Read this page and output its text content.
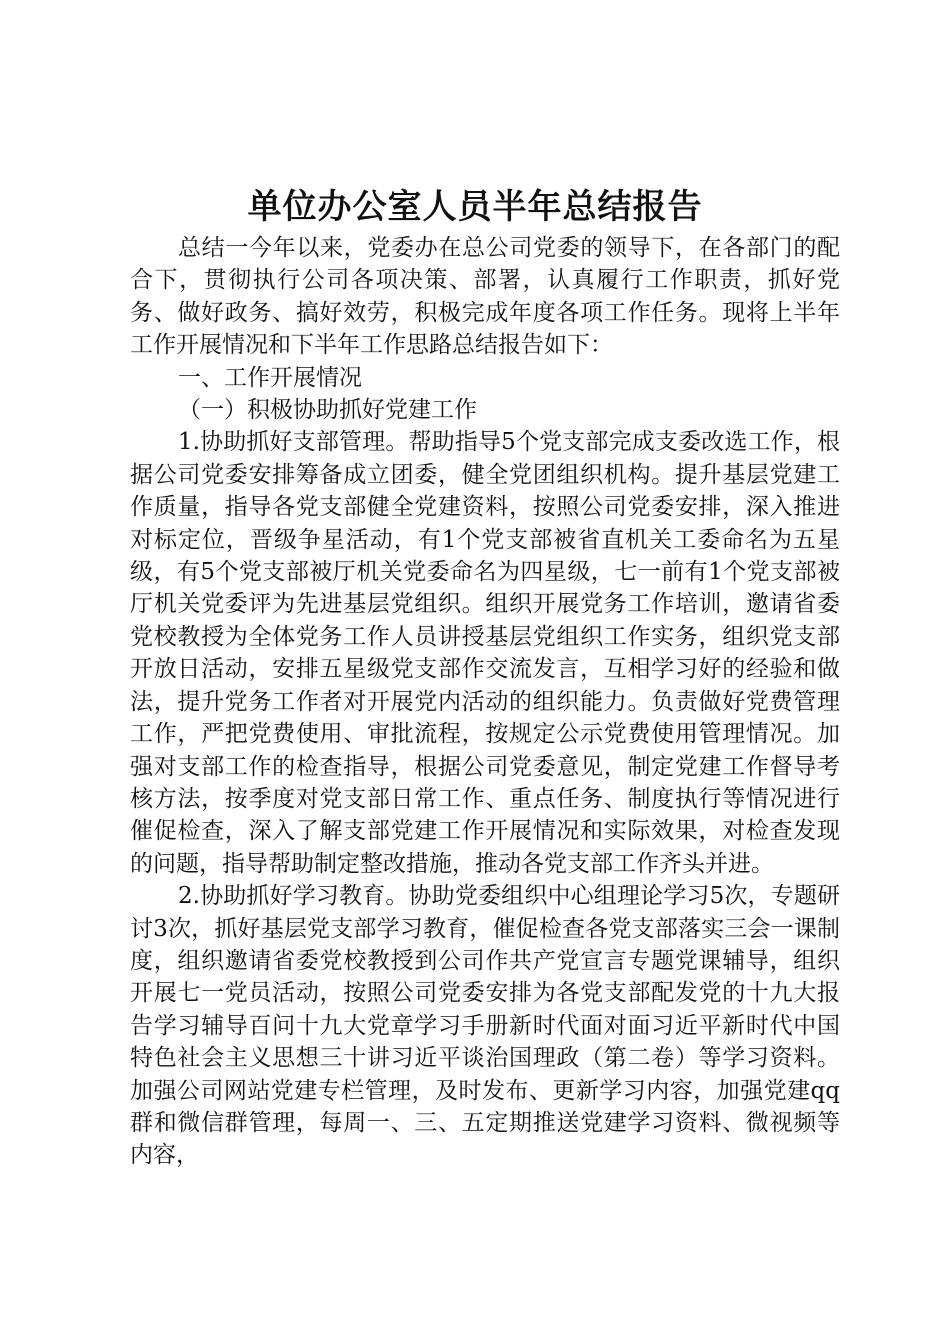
单位办公室人员半年总结报告

总结一今年以来，党委办在总公司党委的领导下，在各部门的配合下，贯彻执行公司各项决策、部署，认真履行工作职责，抓好党务、做好政务、搞好效劳，积极完成年度各项工作任务。现将上半年工作开展情况和下半年工作思路总结报告如下：

一、工作开展情况

（一）积极协助抓好党建工作

1.协助抓好支部管理。帮助指导5个党支部完成支委改选工作，根据公司党委安排筹备成立团委，健全党团组织机构。提升基层党建工作质量，指导各党支部健全党建资料，按照公司党委安排，深入推进对标定位，晋级争星活动，有1个党支部被省直机关工委命名为五星级，有5个党支部被厅机关党委命名为四星级，七一前有1个党支部被厅机关党委评为先进基层党组织。组织开展党务工作培训，邀请省委党校教授为全体党务工作人员讲授基层党组织工作实务，组织党支部开放日活动，安排五星级党支部作交流发言，互相学习好的经验和做法，提升党务工作者对开展党内活动的组织能力。负责做好党费管理工作，严把党费使用、审批流程，按规定公示党费使用管理情况。加强对支部工作的检查指导，根据公司党委意见，制定党建工作督导考核方法，按季度对党支部日常工作、重点任务、制度执行等情况进行催促检查，深入了解支部党建工作开展情况和实际效果，对检查发现的问题，指导帮助制定整改措施，推动各党支部工作齐头并进。

2.协助抓好学习教育。协助党委组织中心组理论学习5次，专题研讨3次，抓好基层党支部学习教育，催促检查各党支部落实三会一课制度，组织邀请省委党校教授到公司作共产党宣言专题党课辅导，组织开展七一党员活动，按照公司党委安排为各党支部配发党的十九大报告学习辅导百问十九大党章学习手册新时代面对面习近平新时代中国特色社会主义思想三十讲习近平谈治国理政（第二卷）等学习资料。加强公司网站党建专栏管理，及时发布、更新学习内容，加强党建qq群和微信群管理，每周一、三、五定期推送党建学习资料、微视频等内容，
